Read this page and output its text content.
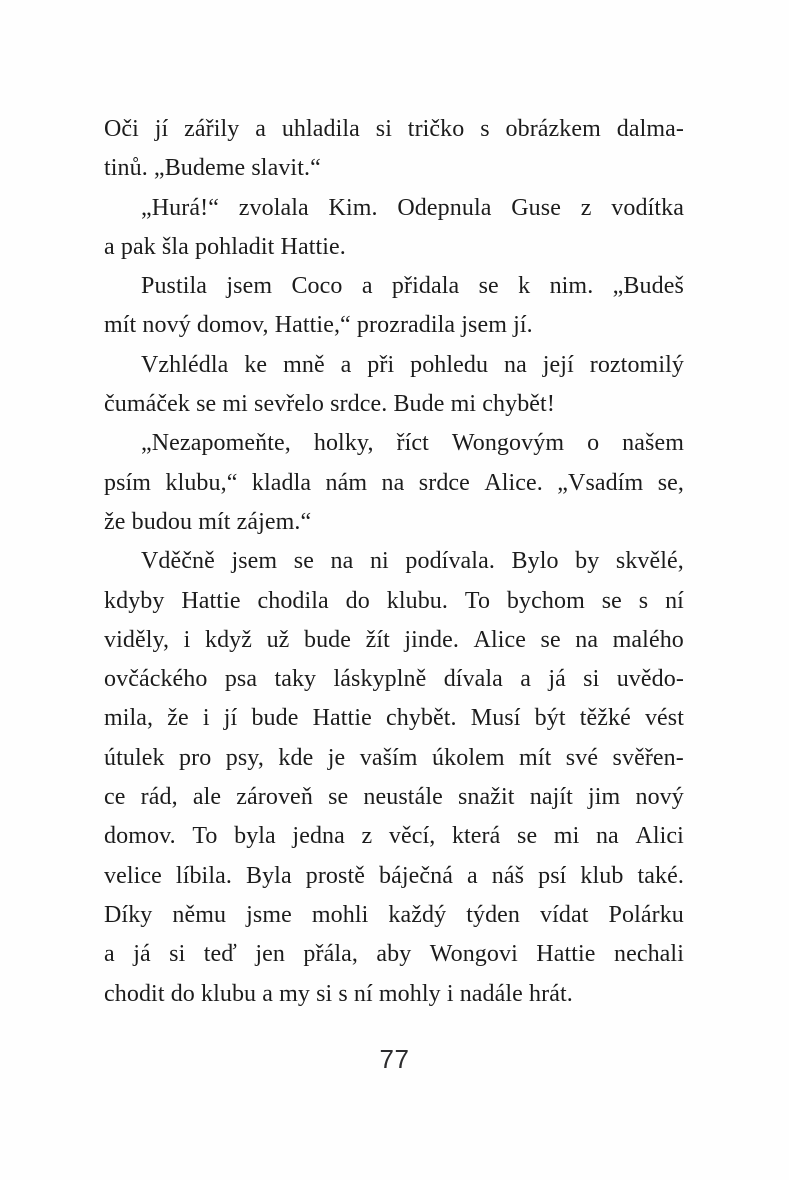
Oči jí zářily a uhladila si tričko s obrázkem dalma-
tinů. „Budeme slavit.“
„Hurá!“ zvolala Kim. Odepnula Guse z vodítka
a pak šla pohladit Hattie.
Pustila jsem Coco a přidala se k nim. „Budeš
mít nový domov, Hattie,“ prozradila jsem jí.
Vzhlédla ke mně a při pohledu na její roztomilý
čumáček se mi sevřelo srdce. Bude mi chybět!
„Nezapomeňte, holky, říct Wongovým o našem
psím klubu,“ kladla nám na srdce Alice. „Vsadím se,
že budou mít zájem.“
Vděčně jsem se na ni podívala. Bylo by skvělé,
kdyby Hattie chodila do klubu. To bychom se s ní
viděly, i když už bude žít jinde. Alice se na malého
ovčáckého psa taky láskyplně dívala a já si uvědo-
mila, že i jí bude Hattie chybět. Musí být těžké vést
útulek pro psy, kde je vaším úkolem mít své svěřen-
ce rád, ale zároveň se neustále snažit najít jim nový
domov. To byla jedna z věcí, která se mi na Alici
velice líbila. Byla prostě báječná a náš psí klub také.
Díky němu jsme mohli každý týden vídat Polárku
a já si teď jen přála, aby Wongovi Hattie nechali
chodit do klubu a my si s ní mohly i nadále hrát.
77
